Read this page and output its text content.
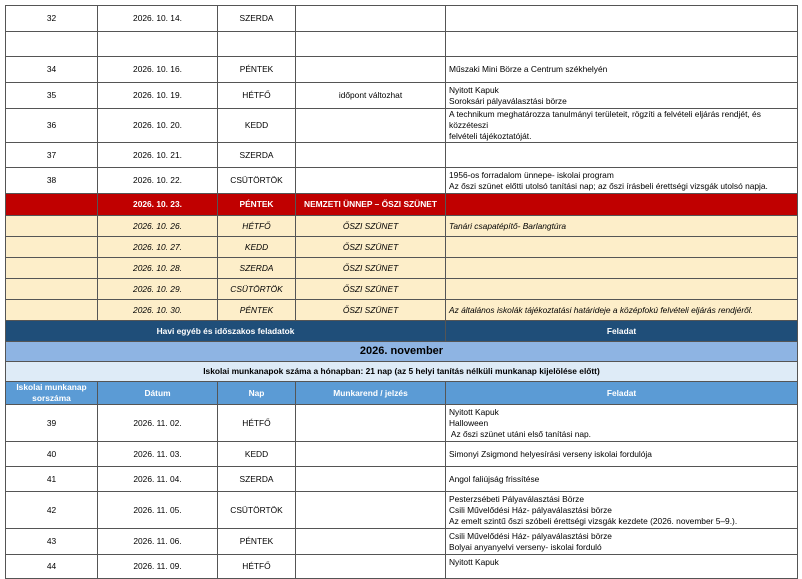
32	2026. 10. 14.	SZERDA		

34	2026. 10. 16.	PÉNTEK		Műszaki Mini Börze a Centrum székhelyén

35	2026. 10. 19.	HÉTFŐ	időpont változhat	Nyitott Kapuk
Soroksári pályaválasztási börze

36	2026. 10. 20.	KEDD		A technikum meghatározza tanulmányi területeit, rögzíti a felvételi eljárás rendjét, és közzéteszi
felvételi tájékoztatóját.

37	2026. 10. 21.	SZERDA		
38	2026. 10. 22.	CSÜTÖRTÖK		1956-os forradalom ünnepe- iskolai program
Az őszi szünet előtti utolsó tanítási nap; az őszi írásbeli érettségi vizsgák utolsó napja.

	2026. 10. 23.	PÉNTEK	NEMZETI ÜNNEP – ŐSZI SZÜNET	
	2026. 10. 26.	HÉTFŐ	ŐSZI SZÜNET	Tanári csapatépítő- Barlangtúra
	2026. 10. 27.	KEDD	ŐSZI SZÜNET	
	2026. 10. 28.	SZERDA	ŐSZI SZÜNET	
	2026. 10. 29.	CSÜTÖRTÖK	ŐSZI SZÜNET	
	2026. 10. 30.	PÉNTEK	ŐSZI SZÜNET	Az általános iskolák tájékoztatási határideje a középfokú felvételi eljárás rendjéről.
Havi egyéb és időszakos feladatok				Feladat
2026. november				
Iskolai munkanapok száma a hónapban: 21 nap (az 5 helyi tanítás nélküli munkanap kijelölése előtt)				
Iskolai munkanap sorszáma	Dátum	Nap	Munkarend / jelzés	Feladat
39	2026. 11. 02.	HÉTFŐ		Nyitott Kapuk
Halloween
Az őszi szünet utáni első tanítási nap.

40	2026. 11. 03.	KEDD		Simonyi Zsigmond helyesírási verseny iskolai fordulója

41	2026. 11. 04.	SZERDA		Angol faliújság frissítése

42	2026. 11. 05.	CSÜTÖRTÖK		Pesterzsébeti Pályaválasztási Börze
Csili Művelődési Ház- pályaválasztási börze
Az emelt szintű őszi szóbeli érettségi vizsgák kezdete (2026. november 5–9.).

43	2026. 11. 06.	PÉNTEK		Csili Művelődési Ház- pályaválasztási börze
Bolyai anyanyelvi verseny- iskolai forduló

44	2026. 11. 09.	HÉTFŐ		Nyitott Kapuk
